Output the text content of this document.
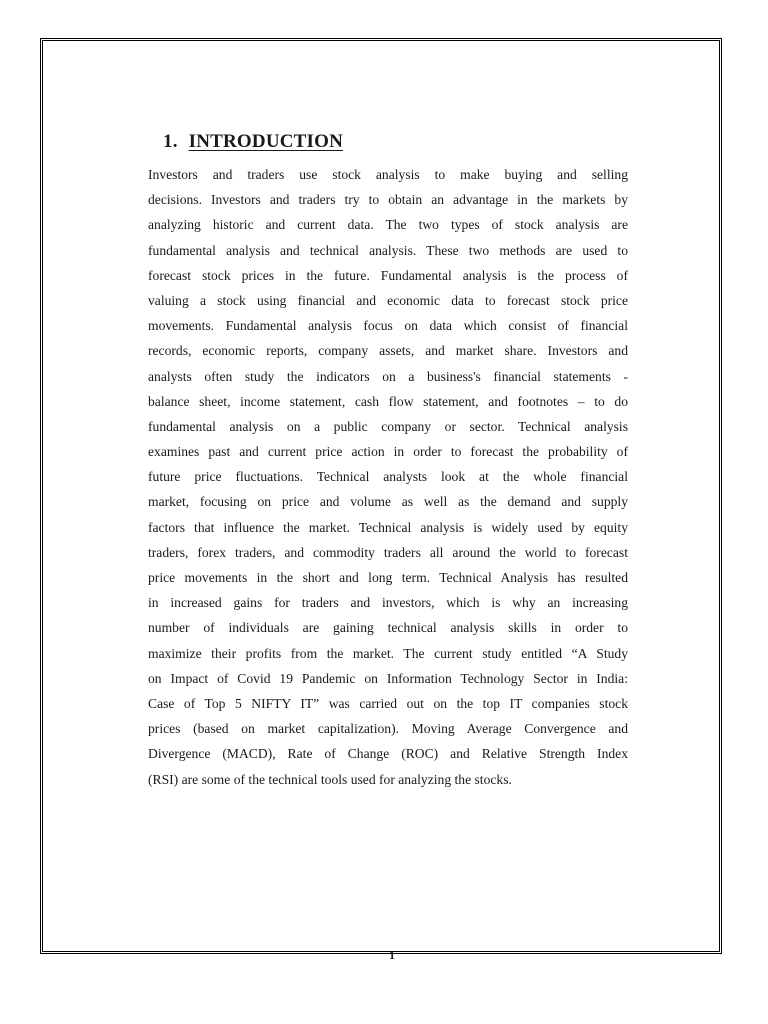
1. INTRODUCTION
Investors and traders use stock analysis to make buying and selling
decisions. Investors and traders try to obtain an advantage in the markets by
analyzing historic and current data. The two types of stock analysis are
fundamental analysis and technical analysis. These two methods are used to
forecast stock prices in the future. Fundamental analysis is the process of
valuing a stock using financial and economic data to forecast stock price
movements. Fundamental analysis focus on data which consist of financial
records, economic reports, company assets, and market share. Investors and
analysts often study the indicators on a business's financial statements -
balance sheet, income statement, cash flow statement, and footnotes – to do
fundamental analysis on a public company or sector. Technical analysis
examines past and current price action in order to forecast the probability of
future price fluctuations. Technical analysts look at the whole financial
market, focusing on price and volume as well as the demand and supply
factors that influence the market. Technical analysis is widely used by equity
traders, forex traders, and commodity traders all around the world to forecast
price movements in the short and long term. Technical Analysis has resulted
in increased gains for traders and investors, which is why an increasing
number of individuals are gaining technical analysis skills in order to
maximize their profits from the market. The current study entitled “A Study
on Impact of Covid 19 Pandemic on Information Technology Sector in India:
Case of Top 5 NIFTY IT” was carried out on the top IT companies stock
prices (based on market capitalization). Moving Average Convergence and
Divergence (MACD), Rate of Change (ROC) and Relative Strength Index
(RSI) are some of the technical tools used for analyzing the stocks.
1
